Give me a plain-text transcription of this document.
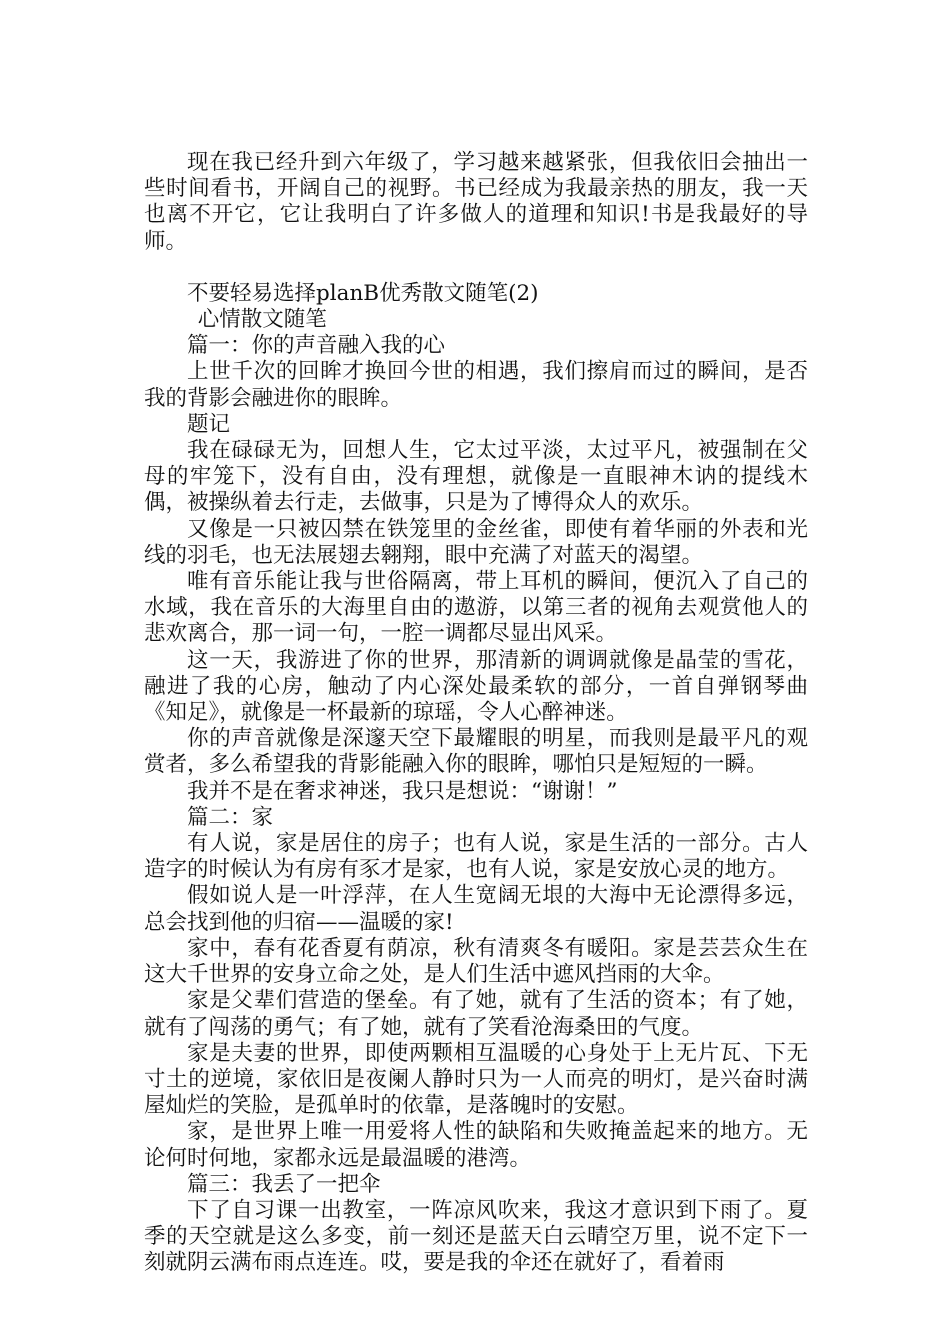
现在我已经升到六年级了，学习越来越紧张，但我依旧会抽出一些时间看书，开阔自己的视野。书已经成为我最亲热的朋友，我一天也离不开它，它让我明白了许多做人的道理和知识!书是我最好的导师。

不要轻易选择planB优秀散文随笔(2)

心情散文随笔

篇一：你的声音融入我的心

上世千次的回眸才换回今世的相遇，我们擦肩而过的瞬间，是否我的背影会融进你的眼眸。

题记

我在碌碌无为，回想人生，它太过平淡，太过平凡，被强制在父母的牢笼下，没有自由，没有理想，就像是一直眼神木讷的提线木偶，被操纵着去行走，去做事，只是为了博得众人的欢乐。

又像是一只被囚禁在铁笼里的金丝雀，即使有着华丽的外表和光线的羽毛，也无法展翅去翱翔，眼中充满了对蓝天的渴望。

唯有音乐能让我与世俗隔离，带上耳机的瞬间，便沉入了自己的水域，我在音乐的大海里自由的遨游，以第三者的视角去观赏他人的悲欢离合，那一词一句，一腔一调都尽显出风采。

这一天，我游进了你的世界，那清新的调调就像是晶莹的雪花，融进了我的心房，触动了内心深处最柔软的部分，一首自弹钢琴曲《知足》，就像是一杯最新的琼瑶，令人心醉神迷。

你的声音就像是深邃天空下最耀眼的明星，而我则是最平凡的观赏者，多么希望我的背影能融入你的眼眸，哪怕只是短短的一瞬。

我并不是在奢求神迷，我只是想说：“谢谢！”

篇二：家

有人说，家是居住的房子；也有人说，家是生活的一部分。古人造字的时候认为有房有豕才是家，也有人说，家是安放心灵的地方。

假如说人是一叶浮萍，在人生宽阔无垠的大海中无论漂得多远，总会找到他的归宿——温暖的家!

家中，春有花香夏有荫凉，秋有清爽冬有暖阳。家是芸芸众生在这大千世界的安身立命之处，是人们生活中遮风挡雨的大伞。

家是父辈们营造的堡垒。有了她，就有了生活的资本；有了她，就有了闯荡的勇气；有了她，就有了笑看沧海桑田的气度。

家是夫妻的世界，即使两颗相互温暖的心身处于上无片瓦、下无寸土的逆境，家依旧是夜阑人静时只为一人而亮的明灯，是兴奋时满屋灿烂的笑脸，是孤单时的依靠，是落魄时的安慰。

家，是世界上唯一用爱将人性的缺陷和失败掩盖起来的地方。无论何时何地，家都永远是最温暖的港湾。

篇三：我丢了一把伞

下了自习课一出教室，一阵凉风吹来，我这才意识到下雨了。夏季的天空就是这么多变，前一刻还是蓝天白云晴空万里，说不定下一刻就阴云满布雨点连连。哎，要是我的伞还在就好了，看着雨
